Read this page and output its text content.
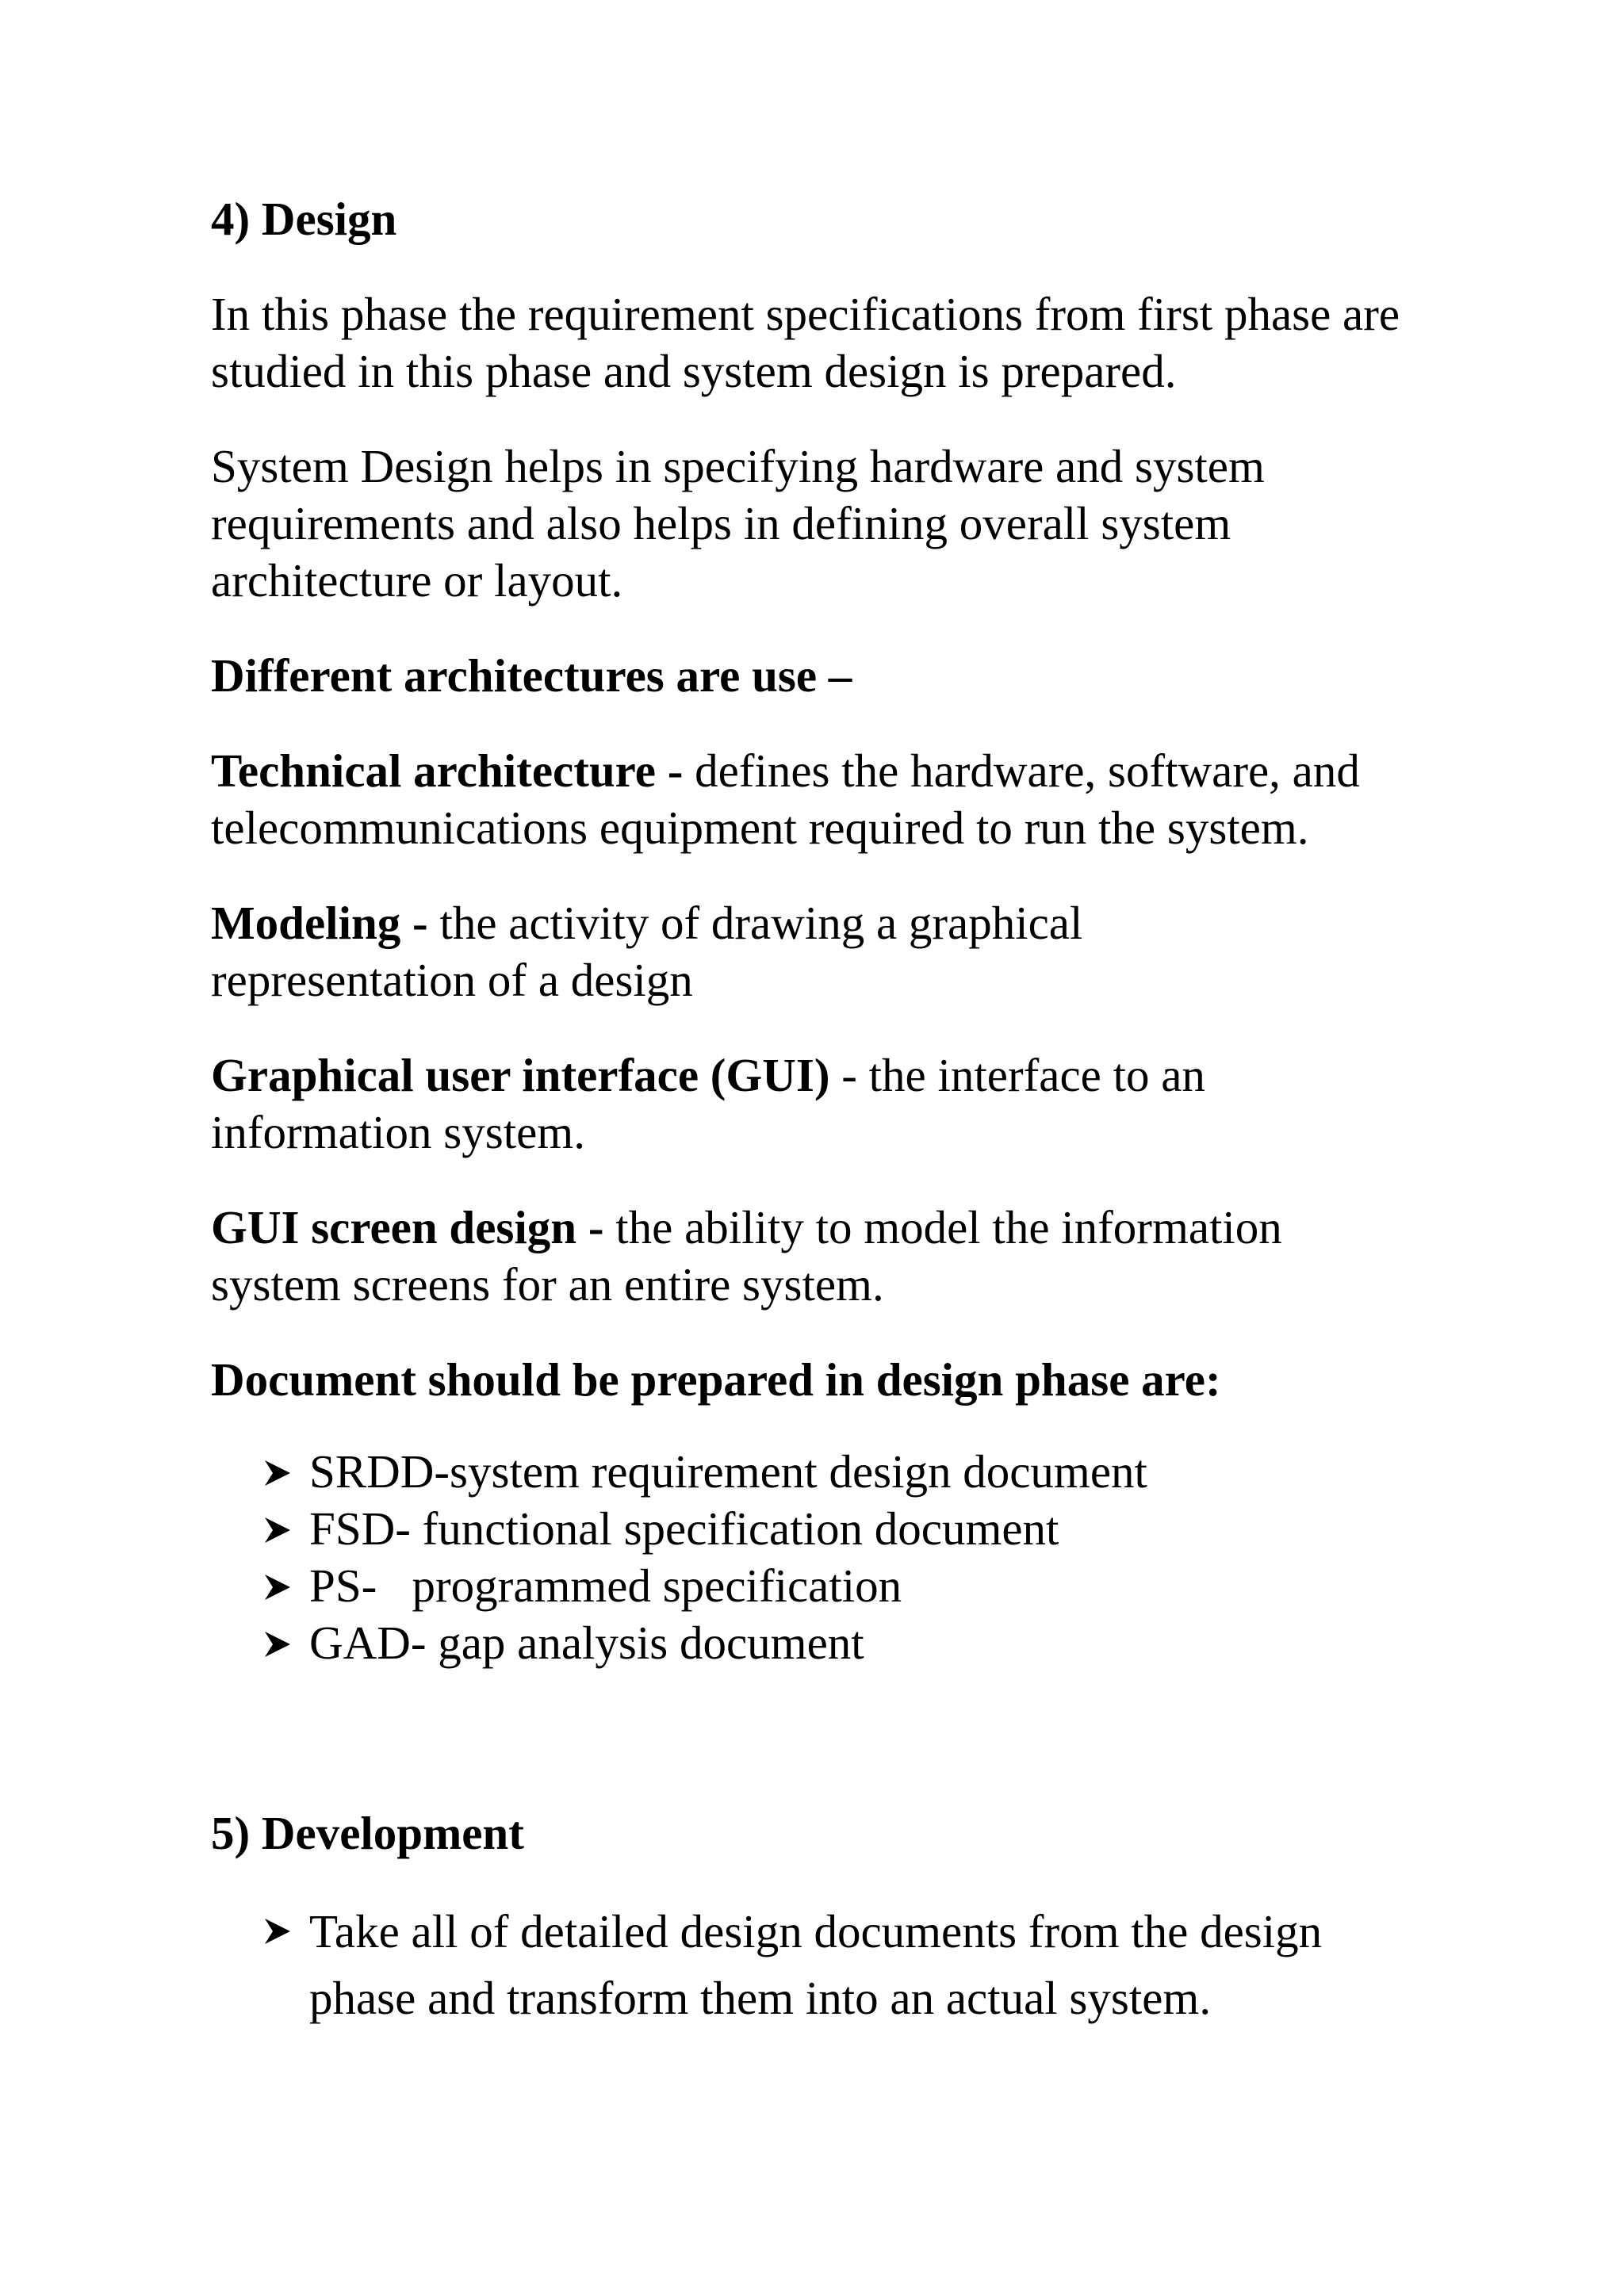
4) Design

In this phase the requirement specifications from first phase are studied in this phase and system design is prepared.

System Design helps in specifying hardware and system requirements and also helps in defining overall system architecture or layout.

Different architectures are use –

Technical architecture - defines the hardware, software, and telecommunications equipment required to run the system.

Modeling - the activity of drawing a graphical representation of a design

Graphical user interface (GUI) - the interface to an information system.

GUI screen design - the ability to model the information system screens for an entire system.

Document should be prepared in design phase are:

SRDD-system requirement design document
FSD- functional specification document
PS-   programmed specification
GAD- gap analysis document

5) Development

Take all of detailed design documents from the design phase and transform them into an actual system.
